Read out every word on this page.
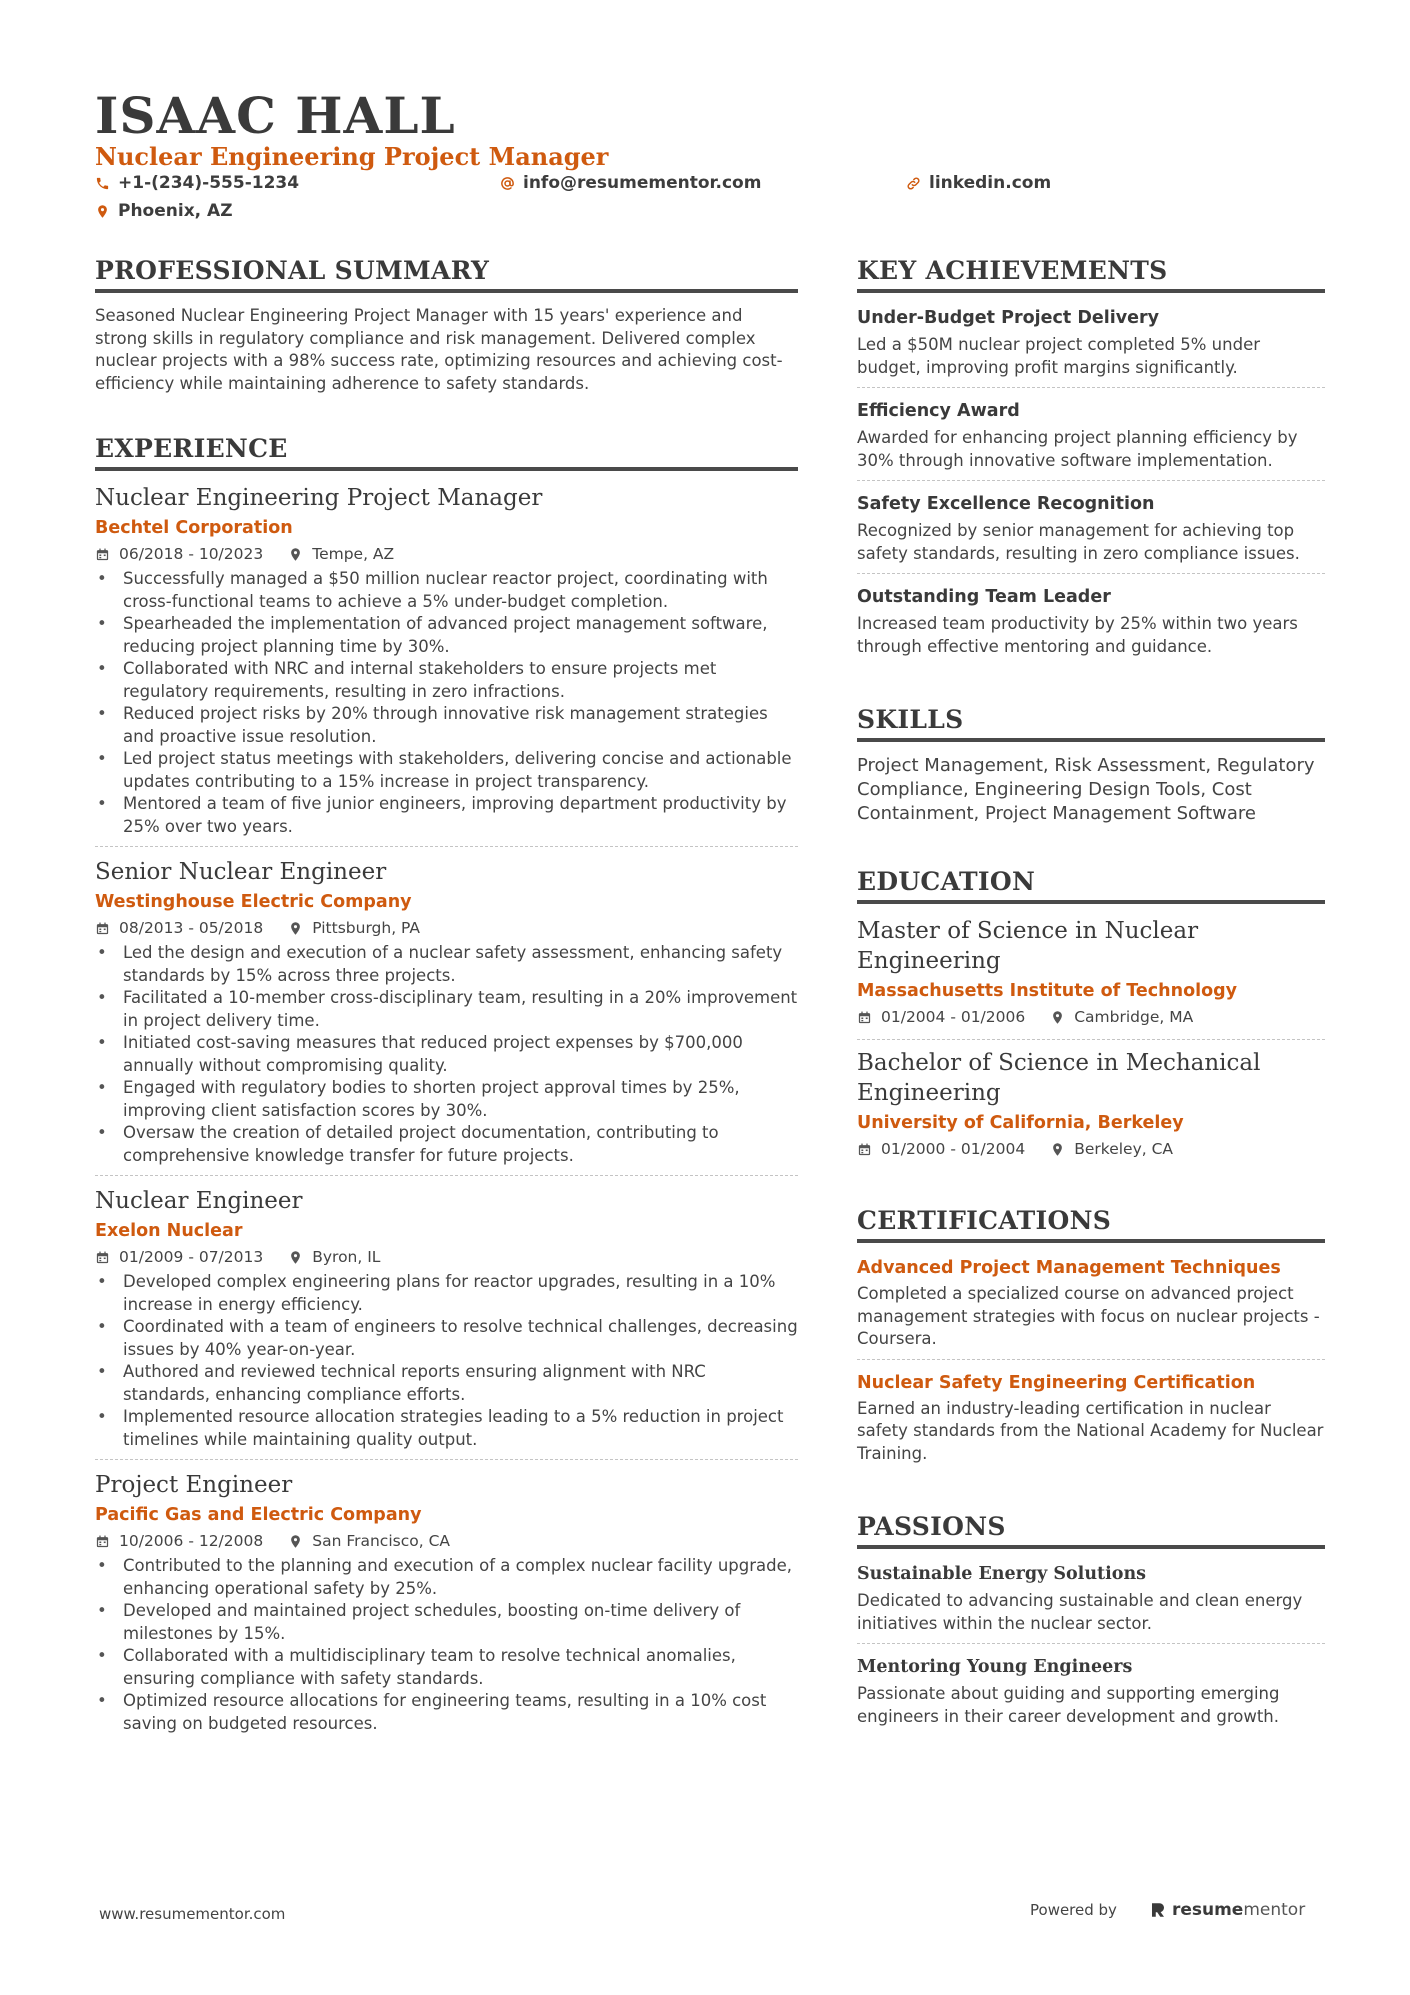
ISAAC HALL
Nuclear Engineering Project Manager
+1-(234)-555-1234	info@resumementor.com	linkedin.com
Phoenix, AZ
PROFESSIONAL SUMMARY
Seasoned Nuclear Engineering Project Manager with 15 years' experience and strong skills in regulatory compliance and risk management. Delivered complex nuclear projects with a 98% success rate, optimizing resources and achieving cost-efficiency while maintaining adherence to safety standards.
EXPERIENCE
Nuclear Engineering Project Manager
Bechtel Corporation
06/2018 - 10/2023	Tempe, AZ
• Successfully managed a $50 million nuclear reactor project, coordinating with cross-functional teams to achieve a 5% under-budget completion.
• Spearheaded the implementation of advanced project management software, reducing project planning time by 30%.
• Collaborated with NRC and internal stakeholders to ensure projects met regulatory requirements, resulting in zero infractions.
• Reduced project risks by 20% through innovative risk management strategies and proactive issue resolution.
• Led project status meetings with stakeholders, delivering concise and actionable updates contributing to a 15% increase in project transparency.
• Mentored a team of five junior engineers, improving department productivity by 25% over two years.
Senior Nuclear Engineer
Westinghouse Electric Company
08/2013 - 05/2018	Pittsburgh, PA
• Led the design and execution of a nuclear safety assessment, enhancing safety standards by 15% across three projects.
• Facilitated a 10-member cross-disciplinary team, resulting in a 20% improvement in project delivery time.
• Initiated cost-saving measures that reduced project expenses by $700,000 annually without compromising quality.
• Engaged with regulatory bodies to shorten project approval times by 25%, improving client satisfaction scores by 30%.
• Oversaw the creation of detailed project documentation, contributing to comprehensive knowledge transfer for future projects.
Nuclear Engineer
Exelon Nuclear
01/2009 - 07/2013	Byron, IL
• Developed complex engineering plans for reactor upgrades, resulting in a 10% increase in energy efficiency.
• Coordinated with a team of engineers to resolve technical challenges, decreasing issues by 40% year-on-year.
• Authored and reviewed technical reports ensuring alignment with NRC standards, enhancing compliance efforts.
• Implemented resource allocation strategies leading to a 5% reduction in project timelines while maintaining quality output.
Project Engineer
Pacific Gas and Electric Company
10/2006 - 12/2008	San Francisco, CA
• Contributed to the planning and execution of a complex nuclear facility upgrade, enhancing operational safety by 25%.
• Developed and maintained project schedules, boosting on-time delivery of milestones by 15%.
• Collaborated with a multidisciplinary team to resolve technical anomalies, ensuring compliance with safety standards.
• Optimized resource allocations for engineering teams, resulting in a 10% cost saving on budgeted resources.
KEY ACHIEVEMENTS
Under-Budget Project Delivery
Led a $50M nuclear project completed 5% under budget, improving profit margins significantly.
Efficiency Award
Awarded for enhancing project planning efficiency by 30% through innovative software implementation.
Safety Excellence Recognition
Recognized by senior management for achieving top safety standards, resulting in zero compliance issues.
Outstanding Team Leader
Increased team productivity by 25% within two years through effective mentoring and guidance.
SKILLS
Project Management, Risk Assessment, Regulatory Compliance, Engineering Design Tools, Cost Containment, Project Management Software
EDUCATION
Master of Science in Nuclear Engineering
Massachusetts Institute of Technology
01/2004 - 01/2006	Cambridge, MA
Bachelor of Science in Mechanical Engineering
University of California, Berkeley
01/2000 - 01/2004	Berkeley, CA
CERTIFICATIONS
Advanced Project Management Techniques
Completed a specialized course on advanced project management strategies with focus on nuclear projects - Coursera.
Nuclear Safety Engineering Certification
Earned an industry-leading certification in nuclear safety standards from the National Academy for Nuclear Training.
PASSIONS
Sustainable Energy Solutions
Dedicated to advancing sustainable and clean energy initiatives within the nuclear sector.
Mentoring Young Engineers
Passionate about guiding and supporting emerging engineers in their career development and growth.
www.resumementor.com	Powered by	resume mentor
